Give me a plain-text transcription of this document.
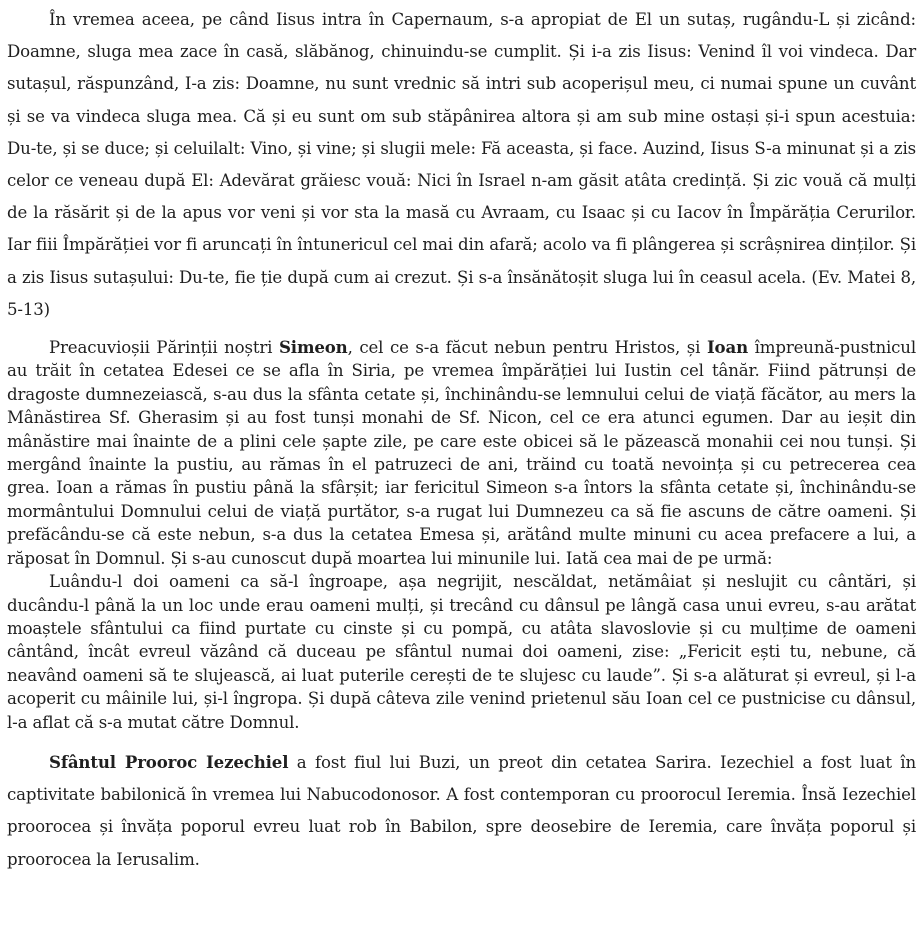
În vremea aceea, pe când Iisus intra în Capernaum, s-a apropiat de El un sutaș, rugându-L și zicând: Doamne, sluga mea zace în casă, slăbănog, chinuindu-se cumplit. Și i-a zis Iisus: Venind îl voi vindeca. Dar sutașul, răspunzând, I-a zis: Doamne, nu sunt vrednic să intri sub acoperișul meu, ci numai spune un cuvânt și se va vindeca sluga mea. Că și eu sunt om sub stăpânirea altora și am sub mine ostași și-i spun acestuia: Du-te, și se duce; și celuilalt: Vino, și vine; și slugii mele: Fă aceasta, și face. Auzind, Iisus S-a minunat și a zis celor ce veneau după El: Adevărat grăiesc vouă: Nici în Israel n-am găsit atâta credință. Și zic vouă că mulți de la răsărit și de la apus vor veni și vor sta la masă cu Avraam, cu Isaac și cu Iacov în Împărăția Cerurilor. Iar fiii Împărăției vor fi aruncați în întunericul cel mai din afară; acolo va fi plângerea și scrâșnirea dinților. Și a zis Iisus sutașului: Du-te, fie ție după cum ai crezut. Și s-a însănătoșit sluga lui în ceasul acela. (Ev. Matei 8, 5-13)

Preacuvioșii Părinții noștri Simeon, cel ce s-a făcut nebun pentru Hristos, și Ioan împreună-pustnicul au trăit în cetatea Edesei ce se afla în Siria, pe vremea împărăției lui Iustin cel tânăr. Fiind pătrunși de dragoste dumnezeiască, s-au dus la sfânta cetate și, închinându-se lemnului celui de viață făcător, au mers la Mânăstirea Sf. Gherasim și au fost tunși monahi de Sf. Nicon, cel ce era atunci egumen. Dar au ieșit din mânăstire mai înainte de a plini cele șapte zile, pe care este obicei să le păzească monahii cei nou tunși. Și mergând înainte la pustiu, au rămas în el patruzeci de ani, trăind cu toată nevoința și cu petrecerea cea grea. Ioan a rămas în pustiu până la sfârșit; iar fericitul Simeon s-a întors la sfânta cetate și, închinându-se mormântului Domnului celui de viață purtător, s-a rugat lui Dumnezeu ca să fie ascuns de către oameni. Și prefăcându-se că este nebun, s-a dus la cetatea Emesa și, arătând multe minuni cu acea prefacere a lui, a răposat în Domnul. Și s-au cunoscut după moartea lui minunile lui. Iată cea mai de pe urmă:

Luându-l doi oameni ca să-l îngroape, așa negrijit, nescăldat, netămâiat și neslujit cu cântări, și ducându-l până la un loc unde erau oameni mulți, și trecând cu dânsul pe lângă casa unui evreu, s-au arătat moaștele sfântului ca fiind purtate cu cinste și cu pompă, cu atâta slavoslovie și cu mulțime de oameni cântând, încât evreul văzând că duceau pe sfântul numai doi oameni, zise: „Fericit ești tu, nebune, că neavând oameni să te slujească, ai luat puterile cerești de te slujesc cu laude”. Și s-a alăturat și evreul, și l-a acoperit cu mâinile lui, și-l îngropa. Și după câteva zile venind prietenul său Ioan cel ce pustnicise cu dânsul, l-a aflat că s-a mutat către Domnul.

Sfântul Prooroc Iezechiel a fost fiul lui Buzi, un preot din cetatea Sarira. Iezechiel a fost luat în captivitate babilonică în vremea lui Nabucodonosor. A fost contemporan cu proorocul Ieremia. Însă Iezechiel proorocea și învăța poporul evreu luat rob în Babilon, spre deosebire de Ieremia, care învăța poporul și proorocea la Ierusalim.
